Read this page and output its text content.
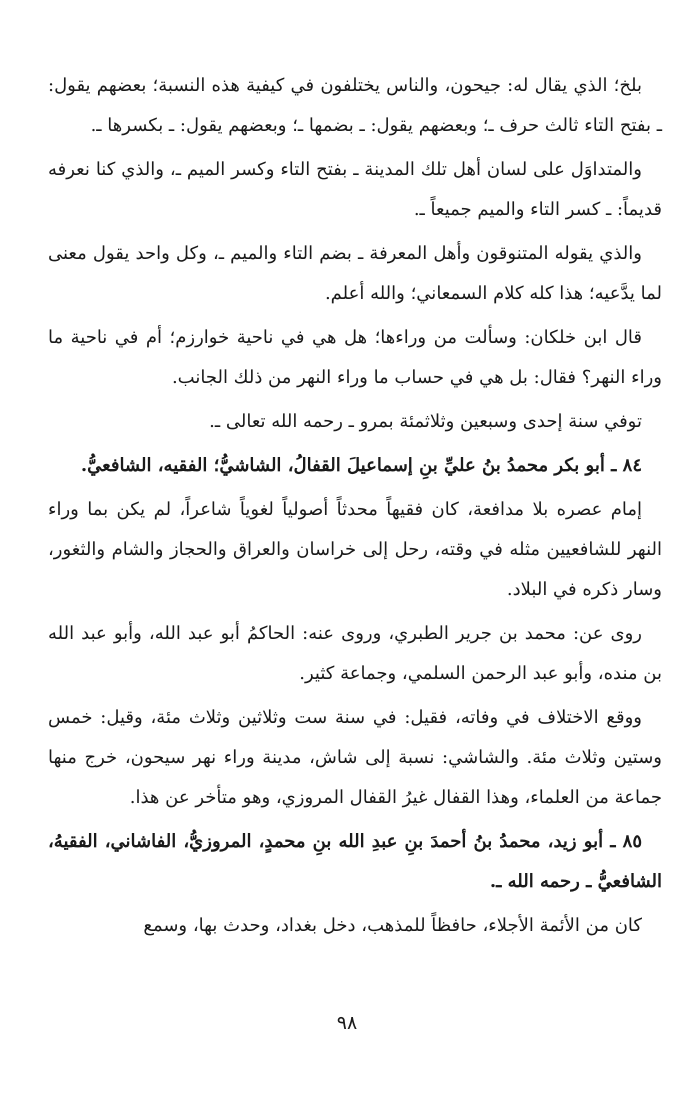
بلخ؛ الذي يقال له: جيحون، والناس يختلفون في كيفية هذه النسبة؛ بعضهم يقول: ـ بفتح التاء ثالث حرف ـ؛ وبعضهم يقول: ـ بضمها ـ؛ وبعضهم يقول: ـ بكسرها ـ.

والمتداوَل على لسان أهل تلك المدينة ـ بفتح التاء وكسر الميم ـ، والذي كنا نعرفه قديماً: ـ كسر التاء والميم جميعاً ـ.

والذي يقوله المتنوقون وأهل المعرفة ـ بضم التاء والميم ـ، وكل واحد يقول معنى لما يدَّعيه؛ هذا كله كلام السمعاني؛ والله أعلم.

قال ابن خلكان: وسألت من وراءها؛ هل هي في ناحية خوارزم؛ أم في ناحية ما وراء النهر؟ فقال: بل هي في حساب ما وراء النهر من ذلك الجانب.

توفي سنة إحدى وسبعين وثلاثمئة بمرو ـ رحمه الله تعالى ـ.

٨٤ ـ أبو بكر محمدُ بنُ عليِّ بنِ إسماعيلَ القفالُ، الشاشيُّ؛ الفقيه، الشافعيُّ.

إمام عصره بلا مدافعة، كان فقيهاً محدثاً أصولياً لغوياً شاعراً، لم يكن بما وراء النهر للشافعيين مثله في وقته، رحل إلى خراسان والعراق والحجاز والشام والثغور، وسار ذكره في البلاد.

روى عن: محمد بن جرير الطبري، وروى عنه: الحاكمُ أبو عبد الله، وأبو عبد الله بن منده، وأبو عبد الرحمن السلمي، وجماعة كثير.

ووقع الاختلاف في وفاته، فقيل: في سنة ست وثلاثين وثلاث مئة، وقيل: خمس وستين وثلاث مئة. والشاشي: نسبة إلى شاش، مدينة وراء نهر سيحون، خرج منها جماعة من العلماء، وهذا القفال غيرُ القفال المروزي، وهو متأخر عن هذا.

٨٥ ـ أبو زيد، محمدُ بنُ أحمدَ بنِ عبدِ الله بنِ محمدٍ، المروزيُّ، الفاشاني، الفقيهُ، الشافعيُّ ـ رحمه الله ـ.

كان من الأئمة الأجلاء، حافظاً للمذهب، دخل بغداد، وحدث بها، وسمع

٩٨
